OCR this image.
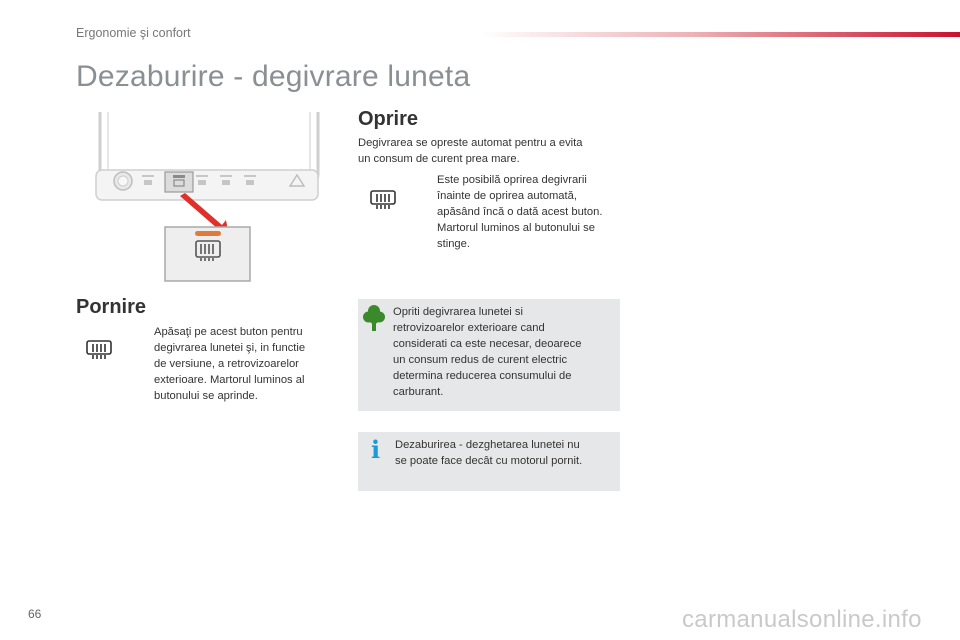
Ergonomie şi confort
Dezaburire - degivrare luneta
Pornire
Apăsaţi pe acest buton pentru
degivrarea lunetei şi, in functie
de versiune, a retrovizoarelor
exterioare. Martorul luminos al
butonului se aprinde.
Oprire
Degivrarea se opreste automat pentru a evita
un consum de curent prea mare.
Este posibilă oprirea degivrarii
înainte de oprirea automată,
apăsând încă o dată acest buton.
Martorul luminos al butonului se
stinge.
Opriti degivrarea lunetei si
retrovizoarelor exterioare cand
considerati ca este necesar, deoarece
un consum redus de curent electric
determina reducerea consumului de
carburant.
i Dezaburirea - dezghetarea lunetei nu
se poate face decât cu motorul pornit.
66	carmanualsonline.info
